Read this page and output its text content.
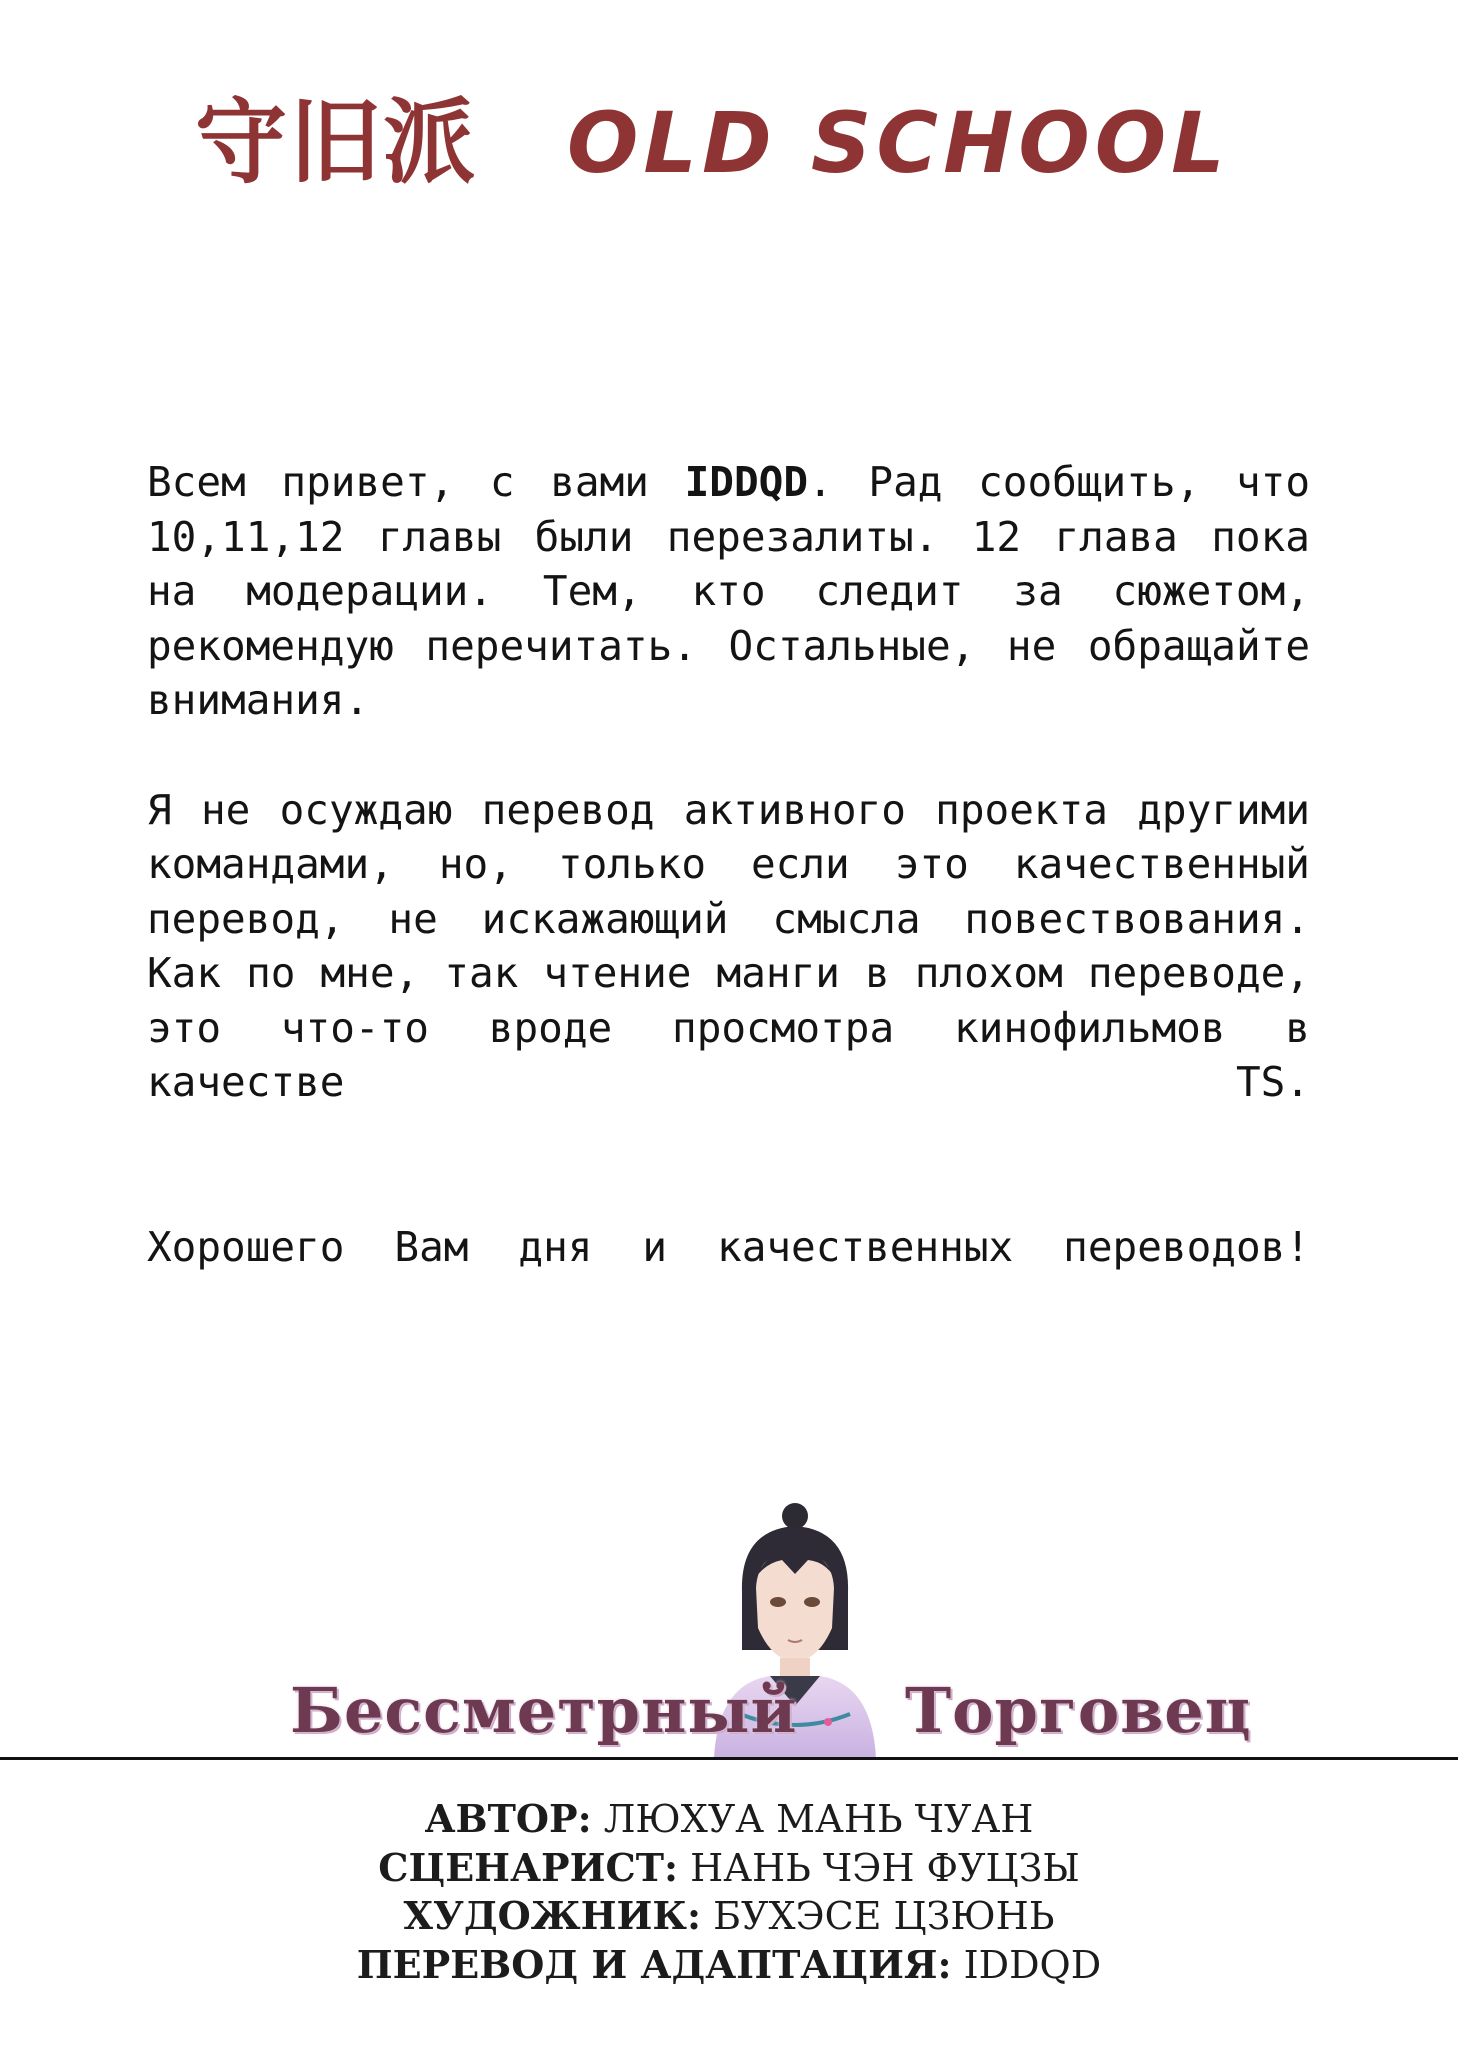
守旧派 OLD SCHOOL

Всем привет, с вами IDDQD. Рад сообщить, что 10,11,12 главы были перезалиты. 12 глава пока на модерации. Тем, кто следит за сюжетом, рекомендую перечитать. Остальные, не обращайте внимания.

Я не осуждаю перевод активного проекта другими командами, но, только если это качественный перевод, не искажающий смысла повествования. Как по мне, так чтение манги в плохом переводе, это что-то вроде просмотра кинофильмов в качестве TS.

Хорошего Вам дня и качественных переводов!

Бессметрный Торговец
АВТОР: ЛЮХУА МАНЬ ЧУАН
СЦЕНАРИСТ: НАНЬ ЧЭН ФУЦЗЫ
ХУДОЖНИК: БУХЭСЕ ЦЗЮНЬ
ПЕРЕВОД И АДАПТАЦИЯ: IDDQD
